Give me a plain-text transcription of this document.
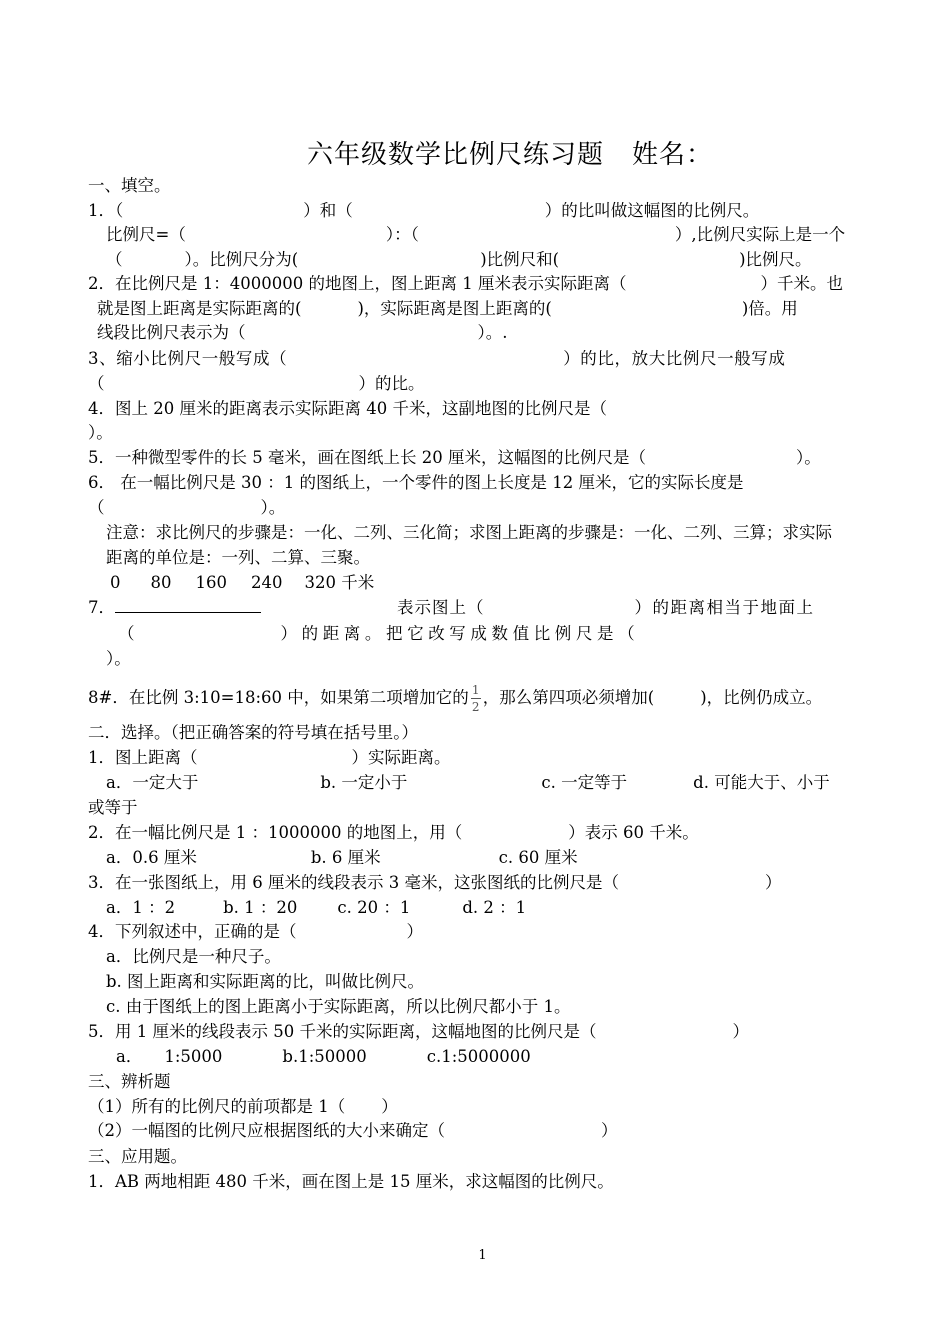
六年级数学比例尺练习题 姓名：
一、填空。
1．（	）和（	）的比叫做这幅图的比例尺。
比例尺=（	）：（	）,比例尺实际上是一个
（	）。比例尺分为(	)比例尺和(	)比例尺。
2．在比例尺是 1：4000000 的地图上，图上距离 1 厘米表示实际距离（	）千米。也
就是图上距离是实际距离的(	)，实际距离是图上距离的(	)倍。用
线段比例尺表示为（	）。.
3、缩小比例尺一般写成（	）的比，放大比例尺一般写成
（	）的比。
4．图上 20 厘米的距离表示实际距离 40 千米，这副地图的比例尺是（
）。
5．一种微型零件的长 5 毫米，画在图纸上长 20 厘米，这幅图的比例尺是（	）。
6． 在一幅比例尺是 30 ：1 的图纸上，一个零件的图上长度是 12 厘米，它的实际长度是
（	）。
注意：求比例尺的步骤是：一化、二列、三化简；求图上距离的步骤是：一化、二列、三算；求实际
距离的单位是：一列、二算、三聚。
0 80 160 240 320 千米
7．	表示图上（	）的距离相当于地面上
（	）的距离。把它改写成数值比例尺是（
）。
8#．在比例 3:10=18:60 中，如果第二项增加它的 $\frac{1}{2}$ ，那么第四项必须增加(	)，比例仍成立。
二．选择。（把正确答案的符号填在括号里。）
1．图上距离（	）实际距离。
a．一定大于	b. 一定小于	c. 一定等于	d. 可能大于、小于
或等于
2．在一幅比例尺是 1 ：1000000 的地图上，用（	）表示 60 千米。
a．0.6 厘米	b. 6 厘米	c. 60 厘米
3．在一张图纸上，用 6 厘米的线段表示 3 毫米，这张图纸的比例尺是（	）
a．1 ：2	b. 1 ：20 c. 20 ：1	d. 2 ：1
4．下列叙述中，正确的是（	）
a．比例尺是一种尺子。
b. 图上距离和实际距离的比，叫做比例尺。
c. 由于图纸上的图上距离小于实际距离，所以比例尺都小于 1。
5．用 1 厘米的线段表示 50 千米的实际距离，这幅地图的比例尺是（	）
a． 1:5000	b.1:50000	c.1:5000000
三、辨析题
（1）所有的比例尺的前项都是 1（ ）
（2）一幅图的比例尺应根据图纸的大小来确定（	）
三、应用题。
1．AB 两地相距 480 千米，画在图上是 15 厘米，求这幅图的比例尺。
1
